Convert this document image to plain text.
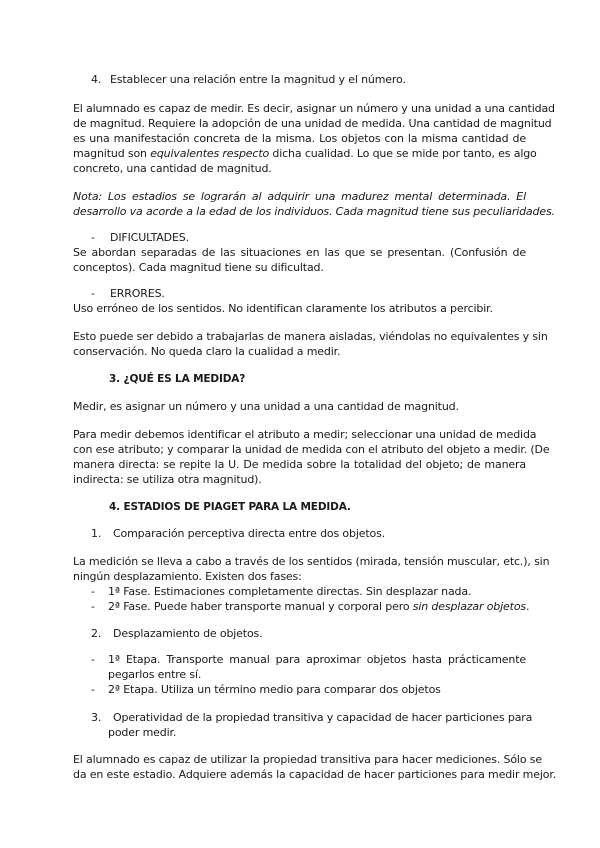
4. Establecer una relación entre la magnitud y el número.
El alumnado es capaz de medir. Es decir, asignar un número y una unidad a una cantidad
de magnitud. Requiere la adopción de una unidad de medida. Una cantidad de magnitud
es una manifestación concreta de la misma. Los objetos con la misma cantidad de
magnitud son equivalentes respecto dicha cualidad. Lo que se mide por tanto, es algo
concreto, una cantidad de magnitud.
Nota: Los estadios se lograrán al adquirir una madurez mental determinada. El
desarrollo va acorde a la edad de los individuos. Cada magnitud tiene sus peculiaridades.
- DIFICULTADES.
Se abordan separadas de las situaciones en las que se presentan. (Confusión de
conceptos). Cada magnitud tiene su dificultad.
- ERRORES.
Uso erróneo de los sentidos. No identifican claramente los atributos a percibir.
Esto puede ser debido a trabajarlas de manera aisladas, viéndolas no equivalentes y sin
conservación. No queda claro la cualidad a medir.
3. ¿QUÉ ES LA MEDIDA?
Medir, es asignar un número y una unidad a una cantidad de magnitud.
Para medir debemos identificar el atributo a medir; seleccionar una unidad de medida
con ese atributo; y comparar la unidad de medida con el atributo del objeto a medir. (De
manera directa: se repite la U. De medida sobre la totalidad del objeto; de manera
indirecta: se utiliza otra magnitud).
4. ESTADIOS DE PIAGET PARA LA MEDIDA.
1. Comparación perceptiva directa entre dos objetos.
La medición se lleva a cabo a través de los sentidos (mirada, tensión muscular, etc.), sin
ningún desplazamiento. Existen dos fases:
- 1ª Fase. Estimaciones completamente directas. Sin desplazar nada.
- 2ª Fase. Puede haber transporte manual y corporal pero sin desplazar objetos.
2. Desplazamiento de objetos.
- 1ª Etapa. Transporte manual para aproximar objetos hasta prácticamente
pegarlos entre sí.
- 2ª Etapa. Utiliza un término medio para comparar dos objetos
3. Operatividad de la propiedad transitiva y capacidad de hacer particiones para
poder medir.
El alumnado es capaz de utilizar la propiedad transitiva para hacer mediciones. Sólo se
da en este estadio. Adquiere además la capacidad de hacer particiones para medir mejor.
